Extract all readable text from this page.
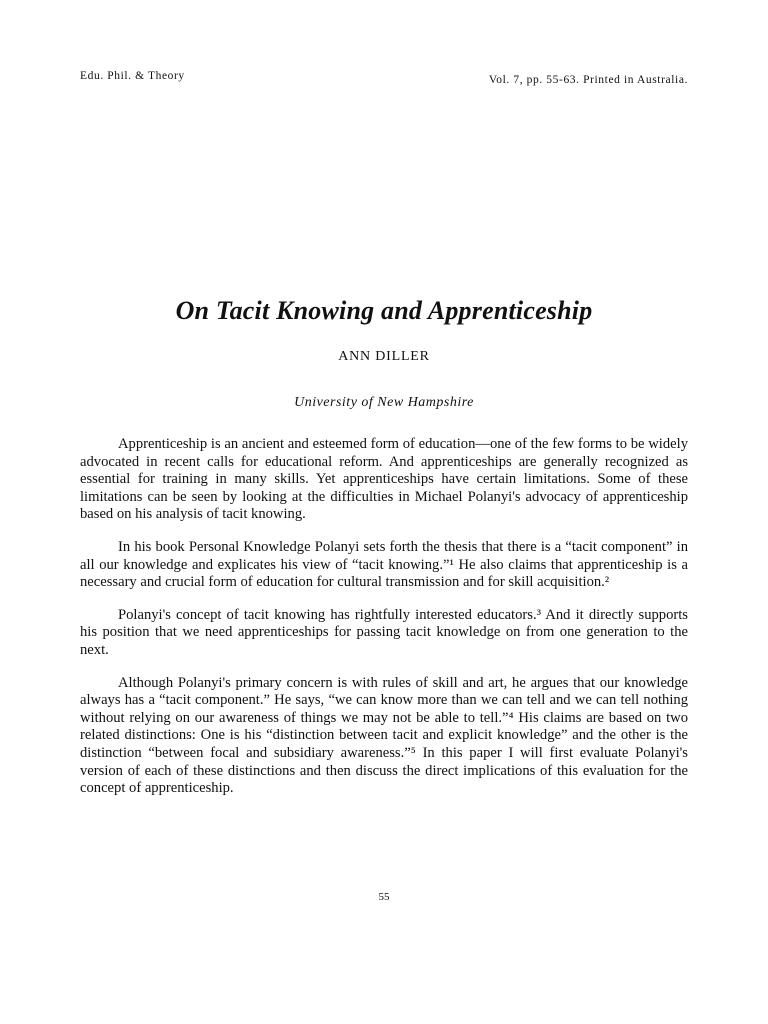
Edu. Phil. & Theory	Vol. 7, pp. 55-63. Printed in Australia.
On Tacit Knowing and Apprenticeship
ANN DILLER
University of New Hampshire

Apprenticeship is an ancient and esteemed form of education—one of the few forms to be widely advocated in recent calls for educational reform. And apprenticeships are generally recognized as essential for training in many skills. Yet apprenticeships have certain limitations. Some of these limitations can be seen by looking at the difficulties in Michael Polanyi's advocacy of apprenticeship based on his analysis of tacit knowing.

In his book Personal Knowledge Polanyi sets forth the thesis that there is a “tacit component” in all our knowledge and explicates his view of “tacit knowing.”¹ He also claims that apprenticeship is a necessary and crucial form of education for cultural transmission and for skill acquisition.²

Polanyi's concept of tacit knowing has rightfully interested educators.³ And it directly supports his position that we need apprenticeships for passing tacit knowledge on from one generation to the next.

Although Polanyi's primary concern is with rules of skill and art, he argues that our knowledge always has a “tacit component.” He says, “we can know more than we can tell and we can tell nothing without relying on our awareness of things we may not be able to tell.”⁴ His claims are based on two related distinctions: One is his “distinction between tacit and explicit knowledge” and the other is the distinction “between focal and subsidiary awareness.”⁵ In this paper I will first evaluate Polanyi's version of each of these distinctions and then discuss the direct implications of this evaluation for the concept of apprenticeship.

55
